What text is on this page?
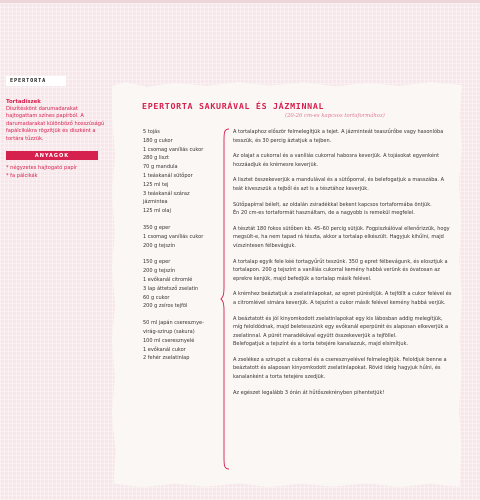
EPERTORTA
Tortadíszek
Díszítéskönt darumadarakat hajtogattam színes papírból. A darumadarakat különböző hosszúságú fapálcikákra rögzítjük és díszként a tortára tűzzük.
ANYAGOK
* négyzetes hajtogató papír
* fa pálcikák
EPERTORTA SAKURÁVAL ÉS JÁZMINNAL
(20-26 cm-es kapcsos tortaformához)
5 tojás
180 g cukor
1 csomag vaníliás cukor
280 g liszt
70 g mandula
1 teáskanál sütőpor
125 ml tej
3 teáskanál száraz jázmintea
125 ml olaj
350 g eper
1 csomag vaníliás cukor
200 g tejszín
150 g eper
200 g tejszín
1 evőkanál citromlé
3 lap áttetsző zselatin
60 g cukor
200 g zsíros tejföl
50 ml japán cseresznye-virág-szirup (sakura)
100 ml cseresznyelé
1 evőkanál cukor
2 fehér zselatinlap

A tortalaphoz először felmelegítjük a tejet. A jázminteát teaszűrőbe vagy hasonlóba tesszük, és 30 percig áztatjuk a tejben.

Az olajat a cukorral és a vaníliás cukorral habosra keverjük. A tojásokat egyenként hozzáadjuk és krémesre keverjük.

A lisztet összekeverjük a mandulával és a sütőporral, és belefogatjuk a masszába. A teát kiveszszük a tejből és azt is a tésztához keverjük.

Sütőpapírral bélelt, az oldalán zsiradékkal bekent kapcsos tortaformába öntjük.

Én 20 cm-es tortaformát használtam, de a nagyobb is remekül megfelel.

A tésztát 180 fokos sütőben kb. 45–60 percig sütjük. Fogpiszkálóval ellenőrizzük, hogy megsült-e, ha nem tapad rá tészta, akkor a tortalap elkészült. Hagyjuk kihűlni, majd vízszintesen félbevágjuk.

A tortalap egyik fele kéé tortagyűrűt teszünk. 350 g epret félbevágunk, és elosztjuk a tortalapon. 200 g tejszínt a vaníliás cukorral kemény habbá verünk és óvatosan az eprekre kenjük, majd befedjük a tortalap másik felével.

A krémhez beáztatjuk a zselatinlapokat, az epret pürésítjük. A tejföllt a cukor felével és a citromlével simára keverjük. A tejszínt a cukor másik felével kemény habbá verjük.

A beáztatott és jól kinyomkodott zselatinlapokat egy kis lábosban addig melegítjük, míg feloldódnak, majd beletesszünk egy evőkanál eperpürét és alaposan elkeverjük a zselatinnal. A pürét maradékával együtt összekeverjük a tejföllel.

Belefogatjuk a tejszínt és a torta tetejére kanalazzuk, majd elsimítjuk.

A zselékez a szirupot a cukorral és a cseresznyelével felmelegítjük. Feloldjuk benne a beáztatott és alaposan kinyomkodott zselatinlapokat. Rövid ideig hagyjuk hűlni, és kanalanként a torta tetejére szedjük.

Az egészet legalább 3 órán át hűtőszekrényben pihentetjük!
